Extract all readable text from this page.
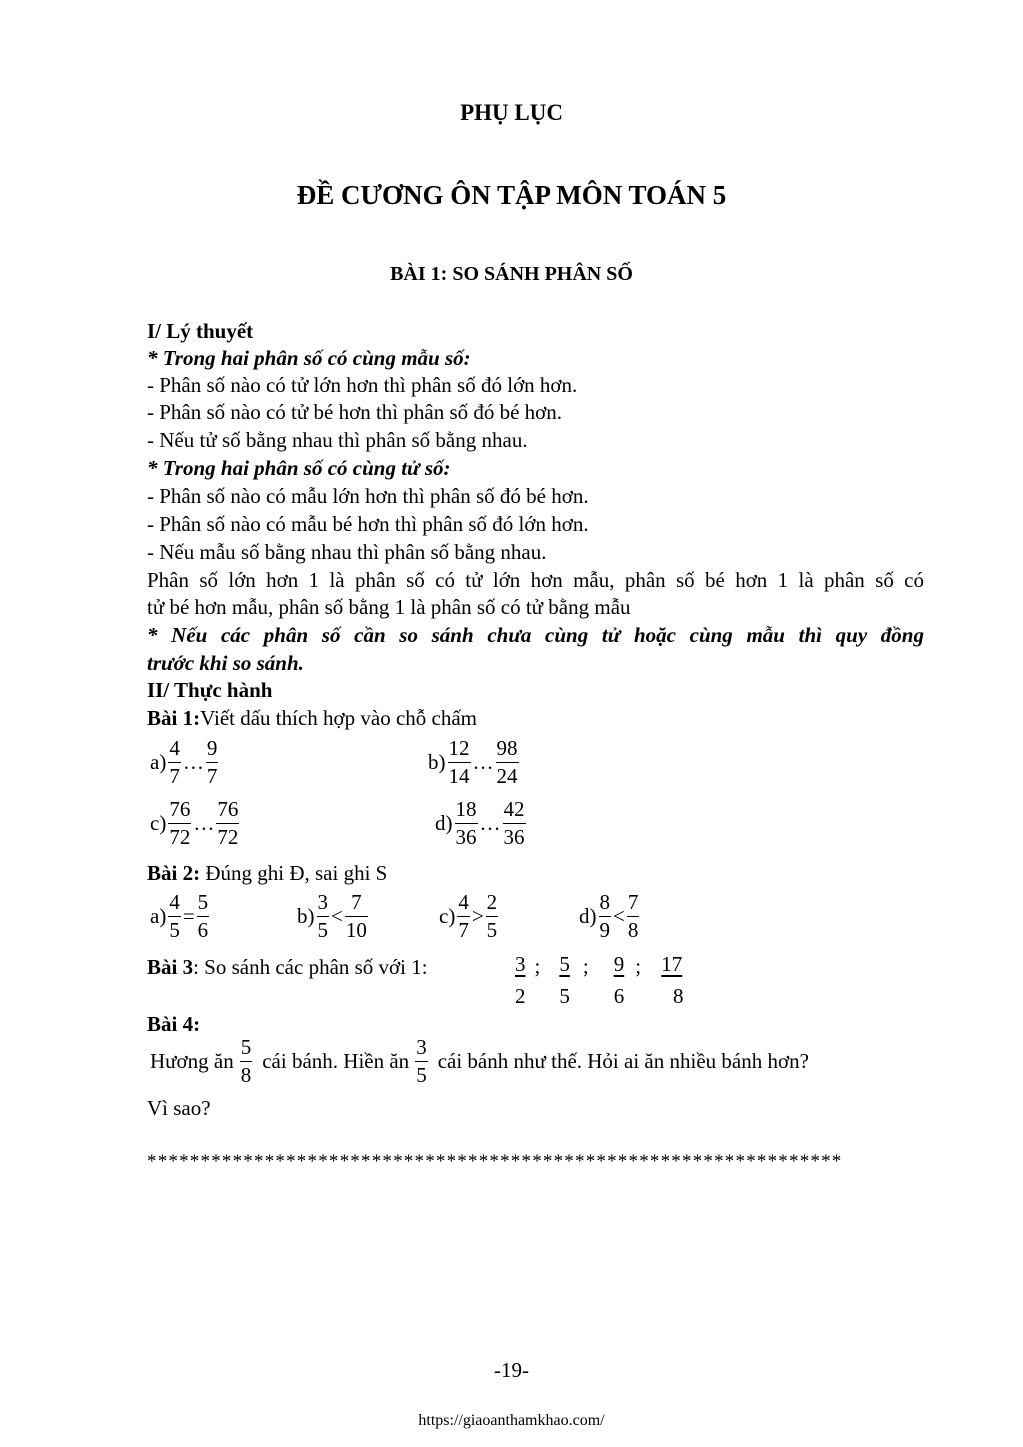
PHỤ LỤC
ĐỀ CƯƠNG ÔN TẬP MÔN TOÁN 5
BÀI 1: SO SÁNH PHÂN SỐ
I/ Lý thuyết
* Trong hai phân số có cùng mẫu số:
- Phân số nào có tử lớn hơn thì phân số đó lớn hơn.
- Phân số nào có tử bé hơn thì phân số đó bé hơn.
- Nếu tử số bằng nhau thì phân số bằng nhau.
* Trong hai phân số có cùng tử số:
- Phân số nào có mẫu lớn hơn thì phân số đó bé hơn.
- Phân số nào có mẫu bé hơn thì phân số đó lớn hơn.
- Nếu mẫu số bằng nhau thì phân số bằng nhau.
Phân số lớn hơn 1 là phân số có tử lớn hơn mẫu, phân số bé hơn 1 là phân số có
tử bé hơn mẫu, phân số bằng 1 là phân số có tử bằng mẫu
* Nếu các phân số cần so sánh chưa cùng tử hoặc cùng mẫu thì quy đồng
trước khi so sánh.
II/ Thực hành
Bài 1:Viết dấu thích hợp vào chỗ chấm
$a) \frac{4}{7}$ … $\frac{9}{7}$	$b) \frac{12}{14}$ … $\frac{98}{24}$
$c) \frac{76}{72}$ … $\frac{76}{72}$	$d) \frac{18}{36}$ … $\frac{42}{36}$
Bài 2: Đúng ghi Đ, sai ghi S
$a) \frac{4}{5} = \frac{5}{6}$	$b) \frac{3}{5} < \frac{7}{10}$	$c) \frac{4}{7} > \frac{2}{5}$	$d) \frac{8}{9} < \frac{7}{8}$
Bài 3: So sánh các phân số với 1:	$\frac{3}{2}$ ; $\frac{5}{5}$ ; $\frac{9}{6}$ ; $\frac{17}{8}$
Bài 4:
Hương ăn $\frac{5}{8}$ cái bánh. Hiền ăn $\frac{3}{5}$ cái bánh như thế. Hỏi ai ăn nhiều bánh hơn?
Vì sao?
*****************************************************************
-19-
https://giaoanthamkhao.com/
